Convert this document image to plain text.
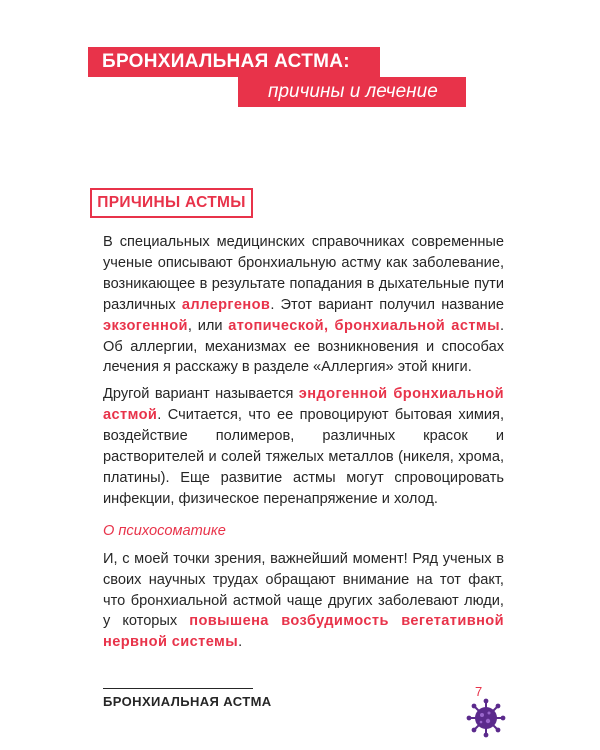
БРОНХИАЛЬНАЯ АСТМА:
причины и лечение
ПРИЧИНЫ АСТМЫ

В специальных медицинских справочниках современные ученые описывают бронхиальную астму как заболевание, возникающее в результате попадания в дыхательные пути различных аллергенов. Этот вариант получил название экзогенной, или атопической, бронхиальной астмы. Об аллергии, механизмах ее возникновения и способах лечения я расскажу в разделе «Аллергия» этой книги.

Другой вариант называется эндогенной бронхиальной астмой. Считается, что ее провоцируют бытовая химия, воздействие полимеров, различных красок и растворителей и солей тяжелых металлов (никеля, хрома, платины). Еще развитие астмы могут спровоцировать инфекции, физическое перенапряжение и холод.

О психосоматике

И, с моей точки зрения, важнейший момент! Ряд ученых в своих научных трудах обращают внимание на тот факт, что бронхиальной астмой чаще других заболевают люди, у которых повышена возбудимость вегетативной нервной системы.

БРОНХИАЛЬНАЯ АСТМА
7
